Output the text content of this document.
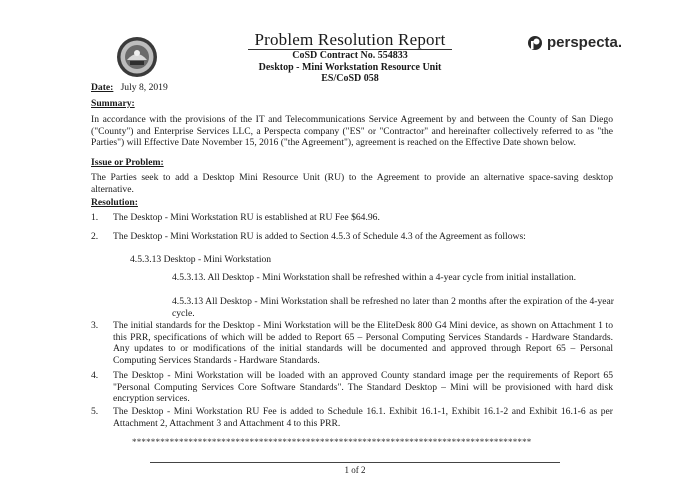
Problem Resolution Report
CoSD Contract No. 554833
Desktop - Mini Workstation Resource Unit
ES/CoSD 058
perspecta.
Date: July 8, 2019
Summary:
In accordance with the provisions of the IT and Telecommunications Service Agreement by and between the County of San Diego ("County") and Enterprise Services LLC, a Perspecta company ("ES" or "Contractor" and hereinafter collectively referred to as "the Parties") will Effective Date November 15, 2016 ("the Agreement"), agreement is reached on the Effective Date shown below.
Issue or Problem:
The Parties seek to add a Desktop Mini Resource Unit (RU) to the Agreement to provide an alternative space-saving desktop alternative.
Resolution:
1.	The Desktop - Mini Workstation RU is established at RU Fee $64.96.
2.	The Desktop - Mini Workstation RU is added to Section 4.5.3 of Schedule 4.3 of the Agreement as follows:
4.5.3.13 Desktop - Mini Workstation
4.5.3.13. All Desktop - Mini Workstation shall be refreshed within a 4-year cycle from initial installation.
4.5.3.13 All Desktop - Mini Workstation shall be refreshed no later than 2 months after the expiration of the 4-year cycle.
3.	The initial standards for the Desktop - Mini Workstation will be the EliteDesk 800 G4 Mini device, as shown on Attachment 1 to this PRR, specifications of which will be added to Report 65 – Personal Computing Services Standards - Hardware Standards. Any updates to or modifications of the initial standards will be documented and approved through Report 65 – Personal Computing Services Standards - Hardware Standards.
4.	The Desktop - Mini Workstation will be loaded with an approved County standard image per the requirements of Report 65 "Personal Computing Services Core Software Standards". The Standard Desktop – Mini will be provisioned with hard disk encryption services.
5.	The Desktop - Mini Workstation RU Fee is added to Schedule 16.1. Exhibit 16.1-1, Exhibit 16.1-2 and Exhibit 16.1-6 as per Attachment 2, Attachment 3 and Attachment 4 to this PRR.
*************************************************************************************
1 of 2
